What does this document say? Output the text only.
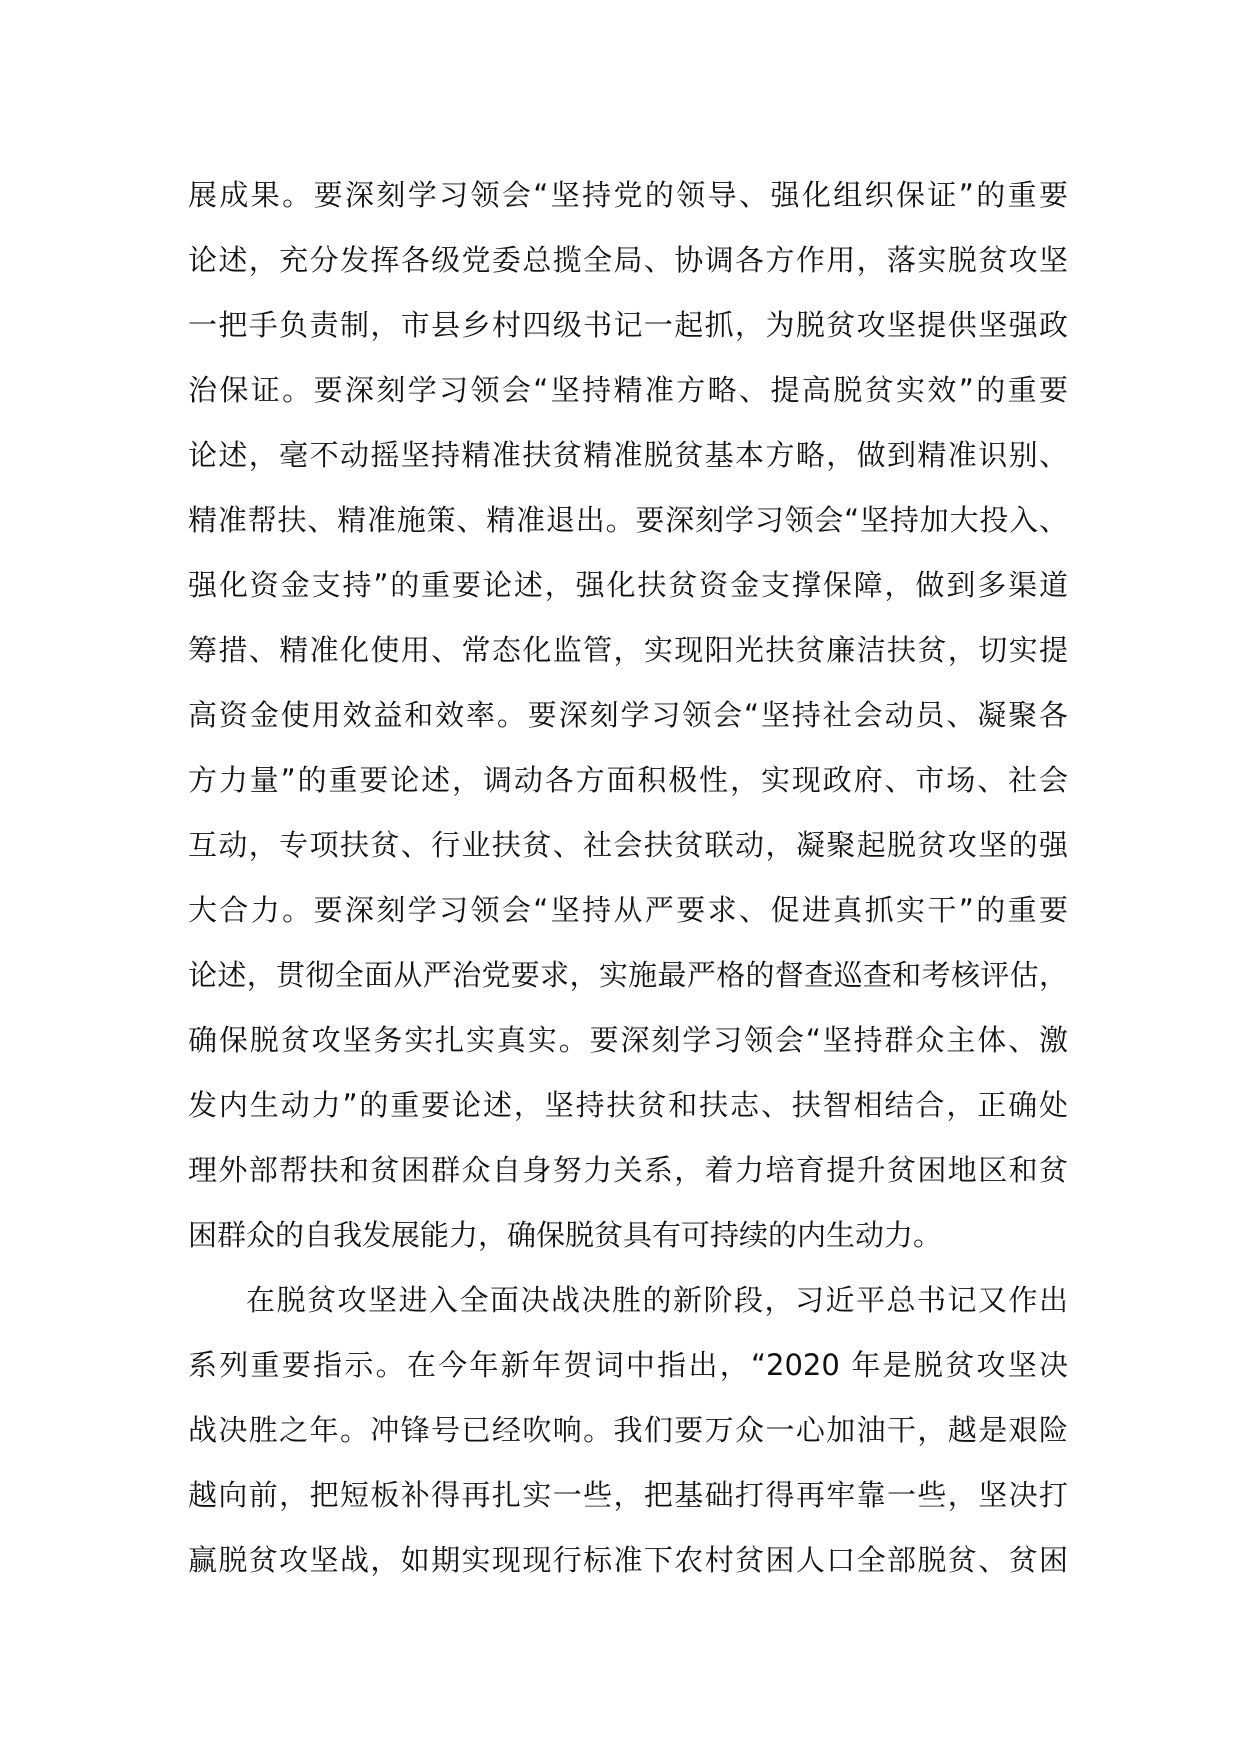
展成果。要深刻学习领会“坚持党的领导、强化组织保证”的重要
论述，充分发挥各级党委总揽全局、协调各方作用，落实脱贫攻坚
一把手负责制，市县乡村四级书记一起抓，为脱贫攻坚提供坚强政
治保证。要深刻学习领会“坚持精准方略、提高脱贫实效”的重要
论述，毫不动摇坚持精准扶贫精准脱贫基本方略，做到精准识别、
精准帮扶、精准施策、精准退出。要深刻学习领会“坚持加大投入、
强化资金支持”的重要论述，强化扶贫资金支撑保障，做到多渠道
筹措、精准化使用、常态化监管，实现阳光扶贫廉洁扶贫，切实提
高资金使用效益和效率。要深刻学习领会“坚持社会动员、凝聚各
方力量”的重要论述，调动各方面积极性，实现政府、市场、社会
互动，专项扶贫、行业扶贫、社会扶贫联动，凝聚起脱贫攻坚的强
大合力。要深刻学习领会“坚持从严要求、促进真抓实干”的重要
论述，贯彻全面从严治党要求，实施最严格的督查巡查和考核评估，
确保脱贫攻坚务实扎实真实。要深刻学习领会“坚持群众主体、激
发内生动力”的重要论述，坚持扶贫和扶志、扶智相结合，正确处
理外部帮扶和贫困群众自身努力关系，着力培育提升贫困地区和贫
困群众的自我发展能力，确保脱贫具有可持续的内生动力。
在脱贫攻坚进入全面决战决胜的新阶段，习近平总书记又作出
系列重要指示。在今年新年贺词中指出，“2020 年是脱贫攻坚决
战决胜之年。冲锋号已经吹响。我们要万众一心加油干，越是艰险
越向前，把短板补得再扎实一些，把基础打得再牢靠一些，坚决打
赢脱贫攻坚战，如期实现现行标准下农村贫困人口全部脱贫、贫困
